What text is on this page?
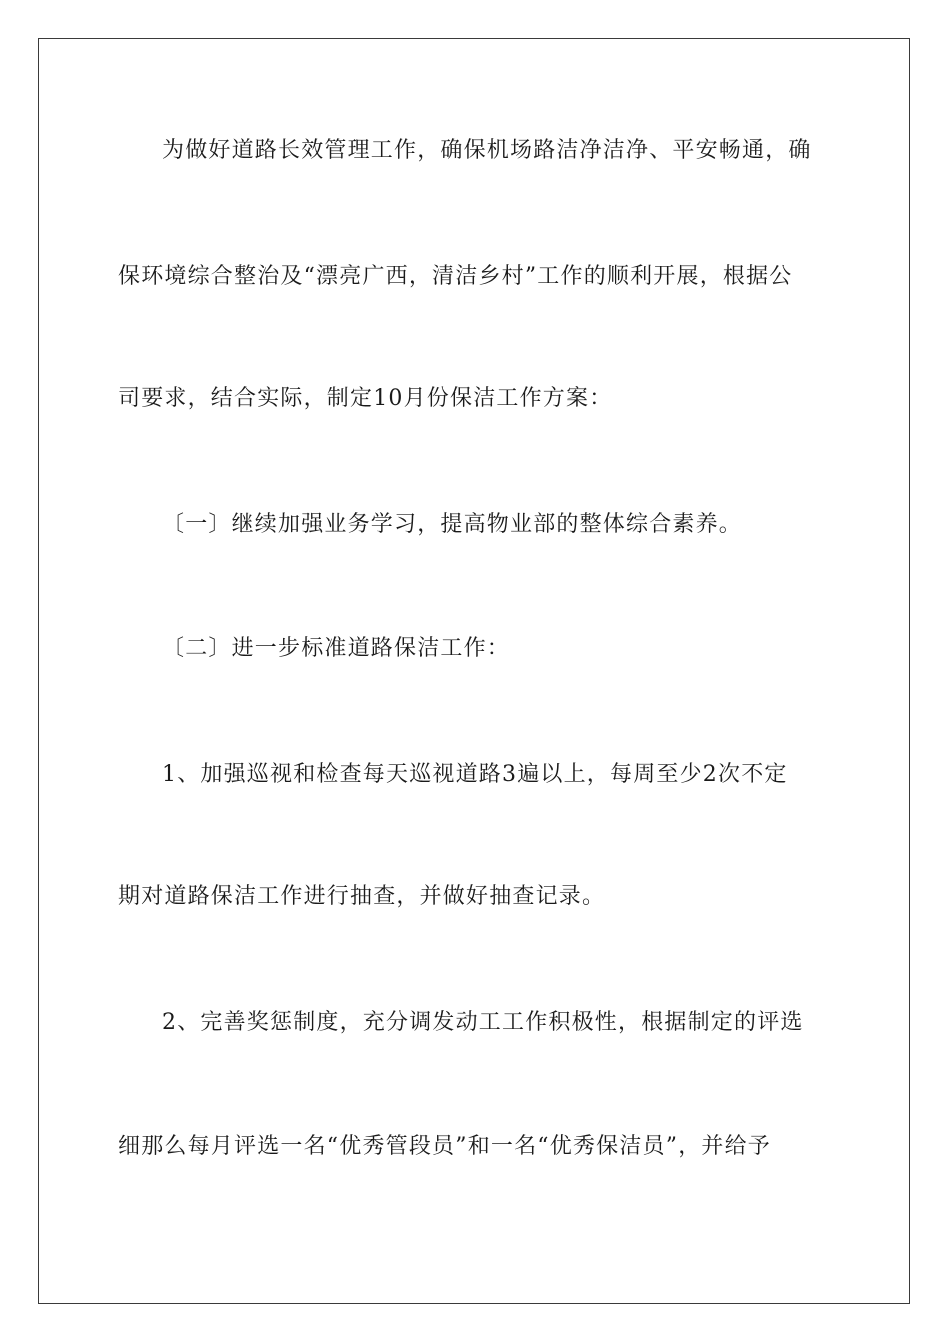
为做好道路长效管理工作，确保机场路洁净洁净、平安畅通，确
保环境综合整治及“漂亮广西，清洁乡村”工作的顺利开展，根据公
司要求，结合实际，制定10月份保洁工作方案：
〔一〕继续加强业务学习，提高物业部的整体综合素养。
〔二〕进一步标准道路保洁工作：
1、加强巡视和检查每天巡视道路3遍以上，每周至少2次不定
期对道路保洁工作进行抽查，并做好抽查记录。
2、完善奖惩制度，充分调发动工工作积极性，根据制定的评选
细那么每月评选一名“优秀管段员”和一名“优秀保洁员”，并给予
